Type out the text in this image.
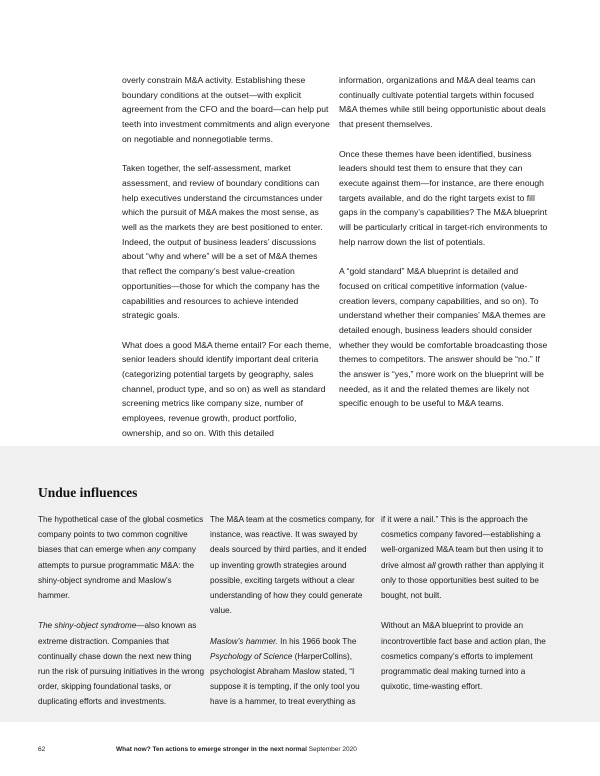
overly constrain M&A activity. Establishing these boundary conditions at the outset—with explicit agreement from the CFO and the board—can help put teeth into investment commitments and align everyone on negotiable and nonnegotiable terms.

Taken together, the self-assessment, market assessment, and review of boundary conditions can help executives understand the circumstances under which the pursuit of M&A makes the most sense, as well as the markets they are best positioned to enter. Indeed, the output of business leaders’ discussions about “why and where” will be a set of M&A themes that reflect the company’s best value-creation opportunities—those for which the company has the capabilities and resources to achieve intended strategic goals.

What does a good M&A theme entail? For each theme, senior leaders should identify important deal criteria (categorizing potential targets by geography, sales channel, product type, and so on) as well as standard screening metrics like company size, number of employees, revenue growth, product portfolio, ownership, and so on. With this detailed

information, organizations and M&A deal teams can continually cultivate potential targets within focused M&A themes while still being opportunistic about deals that present themselves.

Once these themes have been identified, business leaders should test them to ensure that they can execute against them—for instance, are there enough targets available, and do the right targets exist to fill gaps in the company’s capabilities? The M&A blueprint will be particularly critical in target-rich environments to help narrow down the list of potentials.

A “gold standard” M&A blueprint is detailed and focused on critical competitive information (value-creation levers, company capabilities, and so on). To understand whether their companies’ M&A themes are detailed enough, business leaders should consider whether they would be comfortable broadcasting those themes to competitors. The answer should be “no.” If the answer is “yes,” more work on the blueprint will be needed, as it and the related themes are likely not specific enough to be useful to M&A teams.

Undue influences

The hypothetical case of the global cosmetics company points to two common cognitive biases that can emerge when any company attempts to pursue programmatic M&A: the shiny-object syndrome and Maslow’s hammer.

The shiny-object syndrome—also known as extreme distraction. Companies that continually chase down the next new thing run the risk of pursuing initiatives in the wrong order, skipping foundational tasks, or duplicating efforts and investments.

The M&A team at the cosmetics company, for instance, was reactive. It was swayed by deals sourced by third parties, and it ended up inventing growth strategies around possible, exciting targets without a clear understanding of how they could generate value.

Maslow’s hammer. In his 1966 book The Psychology of Science (HarperCollins), psychologist Abraham Maslow stated, “I suppose it is tempting, if the only tool you have is a hammer, to treat everything as

if it were a nail.” This is the approach the cosmetics company favored—establishing a well-organized M&A team but then using it to drive almost all growth rather than applying it only to those opportunities best suited to be bought, not built.

Without an M&A blueprint to provide an incontrovertible fact base and action plan, the cosmetics company’s efforts to implement programmatic deal making turned into a quixotic, time-wasting effort.

62	What now? Ten actions to emerge stronger in the next normal September 2020
